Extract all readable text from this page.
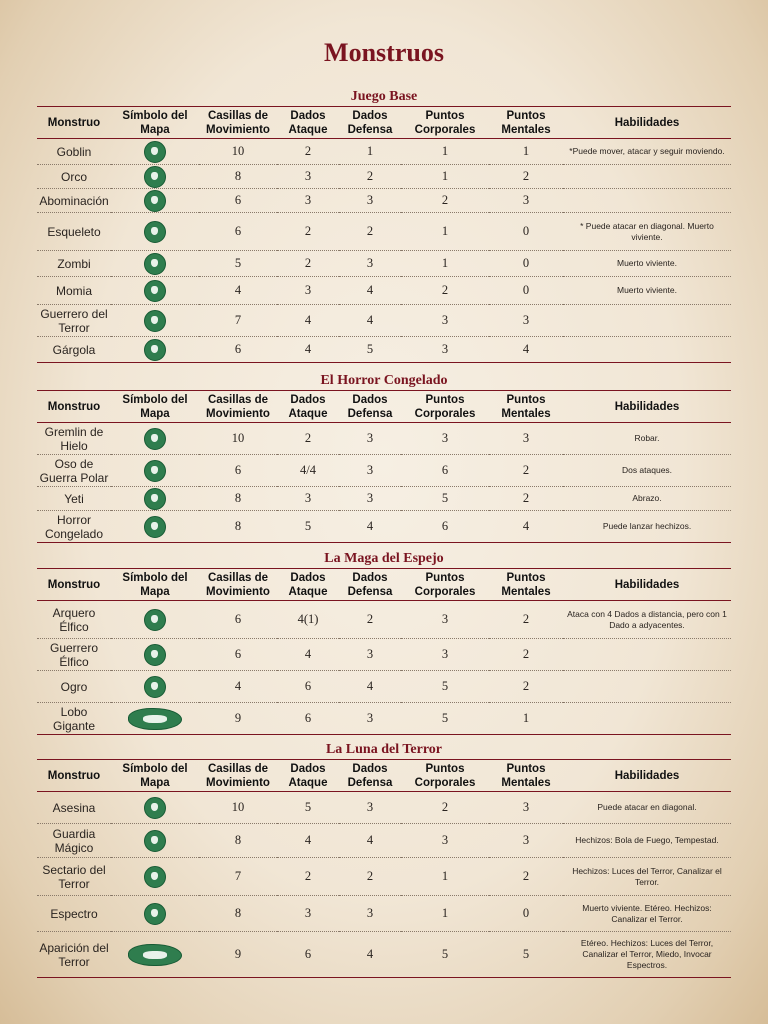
Monstruos
Juego Base
Monstruo	Símbolo del Mapa	Casillas de Movimiento	Dados Ataque	Dados Defensa	Puntos Corporales	Puntos Mentales	Habilidades
Goblin		10	2	1	1	1	*Puede mover, atacar y seguir moviendo.
Orco		8	3	2	1	2	
Abominación		6	3	3	2	3	
Esqueleto		6	2	2	1	0	* Puede atacar en diagonal. Muerto viviente.
Zombi		5	2	3	1	0	Muerto viviente.
Momia		4	3	4	2	0	Muerto viviente.
Guerrero del Terror		7	4	4	3	3	
Gárgola		6	4	5	3	4	
El Horror Congelado
Monstruo	Símbolo del Mapa	Casillas de Movimiento	Dados Ataque	Dados Defensa	Puntos Corporales	Puntos Mentales	Habilidades
Gremlin de Hielo		10	2	3	3	3	Robar.
Oso de Guerra Polar		6	4/4	3	6	2	Dos ataques.
Yeti		8	3	3	5	2	Abrazo.
Horror Congelado		8	5	4	6	4	Puede lanzar hechizos.
La Maga del Espejo
Monstruo	Símbolo del Mapa	Casillas de Movimiento	Dados Ataque	Dados Defensa	Puntos Corporales	Puntos Mentales	Habilidades
Arquero Élfico		6	4(1)	2	3	2	Ataca con 4 Dados a distancia, pero con 1 Dado a adyacentes.
Guerrero Élfico		6	4	3	3	2	
Ogro		4	6	4	5	2	
Lobo Gigante		9	6	3	5	1	
La Luna del Terror
Monstruo	Símbolo del Mapa	Casillas de Movimiento	Dados Ataque	Dados Defensa	Puntos Corporales	Puntos Mentales	Habilidades
Asesina		10	5	3	2	3	Puede atacar en diagonal.
Guardia Mágico		8	4	4	3	3	Hechizos: Bola de Fuego, Tempestad.
Sectario del Terror		7	2	2	1	2	Hechizos: Luces del Terror, Canalizar el Terror.
Espectro		8	3	3	1	0	Muerto viviente. Etéreo. Hechizos: Canalizar el Terror.
Aparición del Terror		9	6	4	5	5	Etéreo. Hechizos: Luces del Terror, Canalizar el Terror, Miedo, Invocar Espectros.
